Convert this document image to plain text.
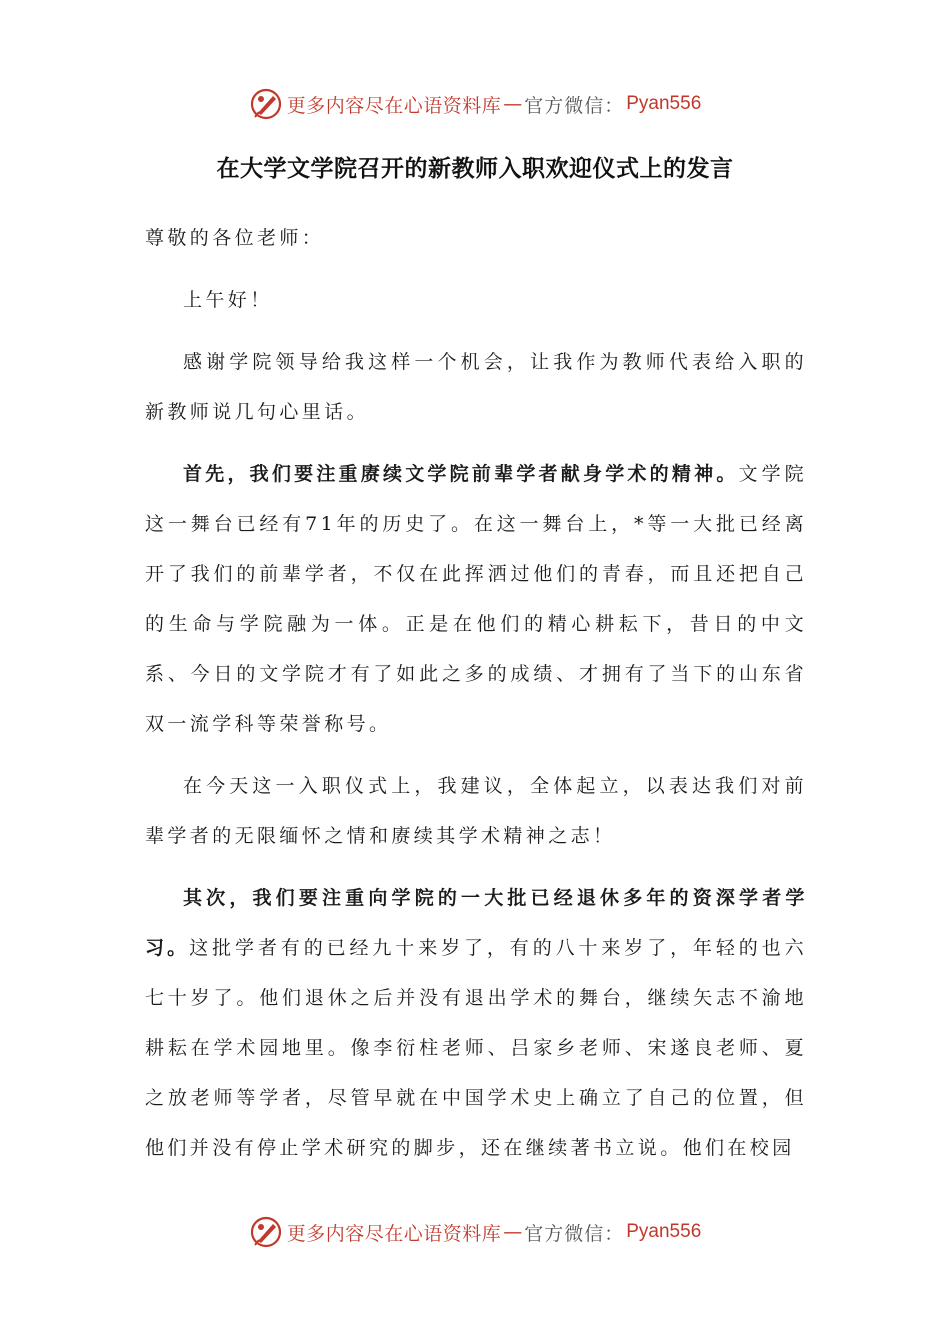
更多内容尽在心语资料库 — 官方微信： Pyan556
在大学文学院召开的新教师入职欢迎仪式上的发言

尊敬的各位老师：

上午好！

感谢学院领导给我这样一个机会，让我作为教师代表给入职的新教师说几句心里话。

首先，我们要注重赓续文学院前辈学者献身学术的精神。文学院这一舞台已经有71年的历史了。在这一舞台上，*等一大批已经离开了我们的前辈学者，不仅在此挥洒过他们的青春，而且还把自己的生命与学院融为一体。正是在他们的精心耕耘下，昔日的中文系、今日的文学院才有了如此之多的成绩、才拥有了当下的山东省双一流学科等荣誉称号。

在今天这一入职仪式上，我建议，全体起立，以表达我们对前辈学者的无限缅怀之情和赓续其学术精神之志！

其次，我们要注重向学院的一大批已经退休多年的资深学者学习。这批学者有的已经九十来岁了，有的八十来岁了，年轻的也六七十岁了。他们退休之后并没有退出学术的舞台，继续矢志不渝地耕耘在学术园地里。像李衍柱老师、吕家乡老师、宋遂良老师、夏之放老师等学者，尽管早就在中国学术史上确立了自己的位置，但他们并没有停止学术研究的脚步，还在继续著书立说。他们在校园

更多内容尽在心语资料库 — 官方微信： Pyan556
